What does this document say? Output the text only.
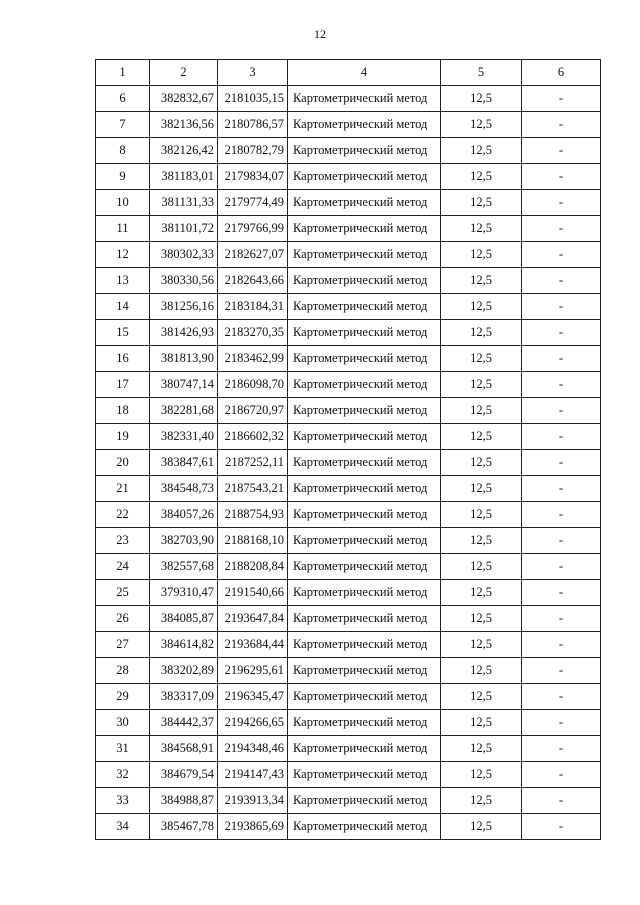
12
1	2	3	4	5	6
6	382832,67	2181035,15	Картометрический метод	12,5	-
7	382136,56	2180786,57	Картометрический метод	12,5	-
8	382126,42	2180782,79	Картометрический метод	12,5	-
9	381183,01	2179834,07	Картометрический метод	12,5	-
10	381131,33	2179774,49	Картометрический метод	12,5	-
11	381101,72	2179766,99	Картометрический метод	12,5	-
12	380302,33	2182627,07	Картометрический метод	12,5	-
13	380330,56	2182643,66	Картометрический метод	12,5	-
14	381256,16	2183184,31	Картометрический метод	12,5	-
15	381426,93	2183270,35	Картометрический метод	12,5	-
16	381813,90	2183462,99	Картометрический метод	12,5	-
17	380747,14	2186098,70	Картометрический метод	12,5	-
18	382281,68	2186720,97	Картометрический метод	12,5	-
19	382331,40	2186602,32	Картометрический метод	12,5	-
20	383847,61	2187252,11	Картометрический метод	12,5	-
21	384548,73	2187543,21	Картометрический метод	12,5	-
22	384057,26	2188754,93	Картометрический метод	12,5	-
23	382703,90	2188168,10	Картометрический метод	12,5	-
24	382557,68	2188208,84	Картометрический метод	12,5	-
25	379310,47	2191540,66	Картометрический метод	12,5	-
26	384085,87	2193647,84	Картометрический метод	12,5	-
27	384614,82	2193684,44	Картометрический метод	12,5	-
28	383202,89	2196295,61	Картометрический метод	12,5	-
29	383317,09	2196345,47	Картометрический метод	12,5	-
30	384442,37	2194266,65	Картометрический метод	12,5	-
31	384568,91	2194348,46	Картометрический метод	12,5	-
32	384679,54	2194147,43	Картометрический метод	12,5	-
33	384988,87	2193913,34	Картометрический метод	12,5	-
34	385467,78	2193865,69	Картометрический метод	12,5	-
